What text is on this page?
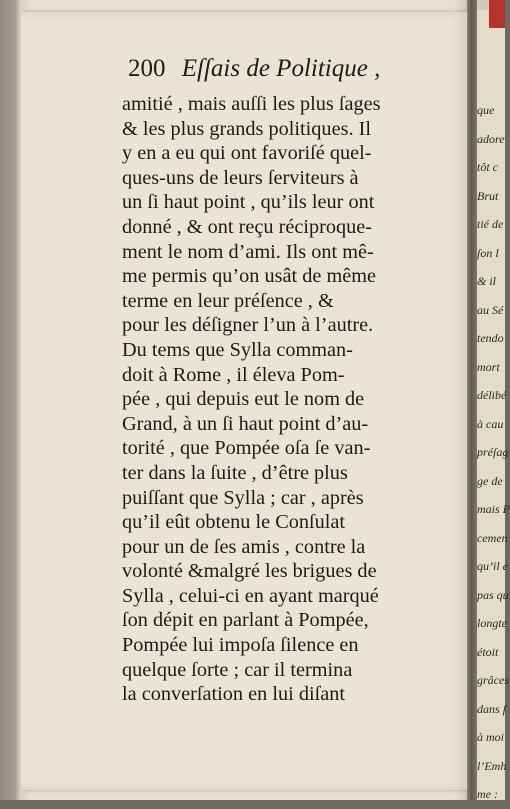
200 Eſſais de Politique ,
amitié , mais auſſi les plus ſages
& les plus grands politiques. Il
y en a eu qui ont favoriſé quel-
ques-uns de leurs ſerviteurs à
un ſi haut point , qu’ils leur ont
donné , & ont reçu réciproque-
ment le nom d’ami. Ils ont mê-
me permis qu’on usât de même
terme en leur préſence , &
pour les déſigner l’un à l’autre.
Du tems que Sylla comman-
doit à Rome , il éleva Pom-
pée , qui depuis eut le nom de
Grand, à un ſi haut point d’au-
torité , que Pompée oſa ſe van-
ter dans la ſuite , d’être plus
puiſſant que Sylla ; car , après
qu’il eût obtenu le Conſulat
pour un de ſes amis , contre la
volonté &malgré les brigues de
Sylla , celui-ci en ayant marqué
ſon dépit en parlant à Pompée,
Pompée lui impoſa ſilence en
quelque ſorte ; car il termina
la converſation en lui diſant
que
adore
tôt c
Brut
tié de
ſon l
& il
au Sé
tendo
mort
délibé
à cau
préſag
ge de
mais P
cemen
qu’il e
pas qu
longte
étoit
grâces
dans ſ
à moi
l’Emh
me :
